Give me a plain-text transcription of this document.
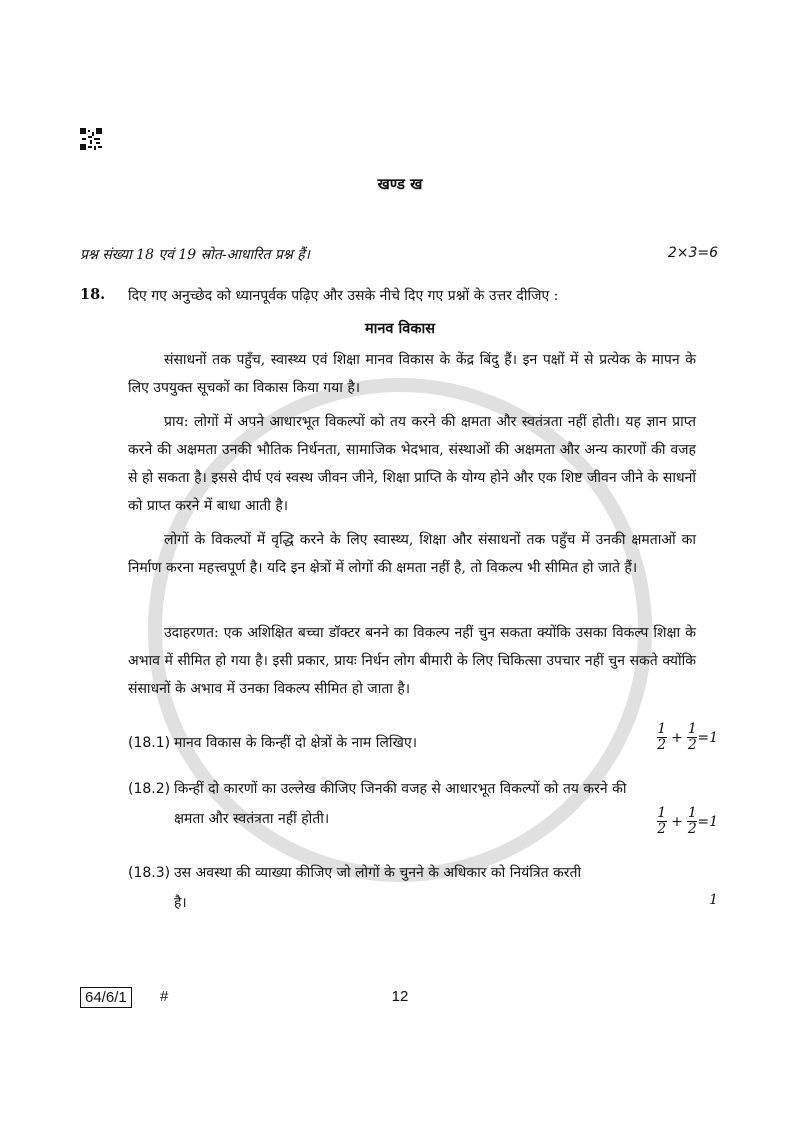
खण्ड ख
प्रश्न संख्या 18 एवं 19 स्रोत-आधारित प्रश्न हैं।	2×3=6
18. दिए गए अनुच्छेद को ध्यानपूर्वक पढ़िए और उसके नीचे दिए गए प्रश्नों के उत्तर दीजिए :
मानव विकास
संसाधनों तक पहुँच, स्वास्थ्य एवं शिक्षा मानव विकास के केंद्र बिंदु हैं। इन पक्षों में से प्रत्येक के मापन के लिए उपयुक्त सूचकों का विकास किया गया है।
प्राय: लोगों में अपने आधारभूत विकल्पों को तय करने की क्षमता और स्वतंत्रता नहीं होती। यह ज्ञान प्राप्त करने की अक्षमता उनकी भौतिक निर्धनता, सामाजिक भेदभाव, संस्थाओं की अक्षमता और अन्य कारणों की वजह से हो सकता है। इससे दीर्घ एवं स्वस्थ जीवन जीने, शिक्षा प्राप्ति के योग्य होने और एक शिष्ट जीवन जीने के साधनों को प्राप्त करने में बाधा आती है।
लोगों के विकल्पों में वृद्धि करने के लिए स्वास्थ्य, शिक्षा और संसाधनों तक पहुँच में उनकी क्षमताओं का निर्माण करना महत्त्वपूर्ण है। यदि इन क्षेत्रों में लोगों की क्षमता नहीं है, तो विकल्प भी सीमित हो जाते हैं।
उदाहरणत: एक अशिक्षित बच्चा डॉक्टर बनने का विकल्प नहीं चुन सकता क्योंकि उसका विकल्प शिक्षा के अभाव में सीमित हो गया है। इसी प्रकार, प्रायः निर्धन लोग बीमारी के लिए चिकित्सा उपचार नहीं चुन सकते क्योंकि संसाधनों के अभाव में उनका विकल्प सीमित हो जाता है।
(18.1) मानव विकास के किन्हीं दो क्षेत्रों के नाम लिखिए।
1
2 +
1
2 =1
(18.2) किन्हीं दो कारणों का उल्लेख कीजिए जिनकी वजह से आधारभूत विकल्पों को तय करने की
क्षमता और स्वतंत्रता नहीं होती।	1
2 +
1
2 =1
(18.3) उस अवस्था की व्याख्या कीजिए जो लोगों के चुनने के अधिकार को नियंत्रित करती
है।	1
64/6/1	#	12
